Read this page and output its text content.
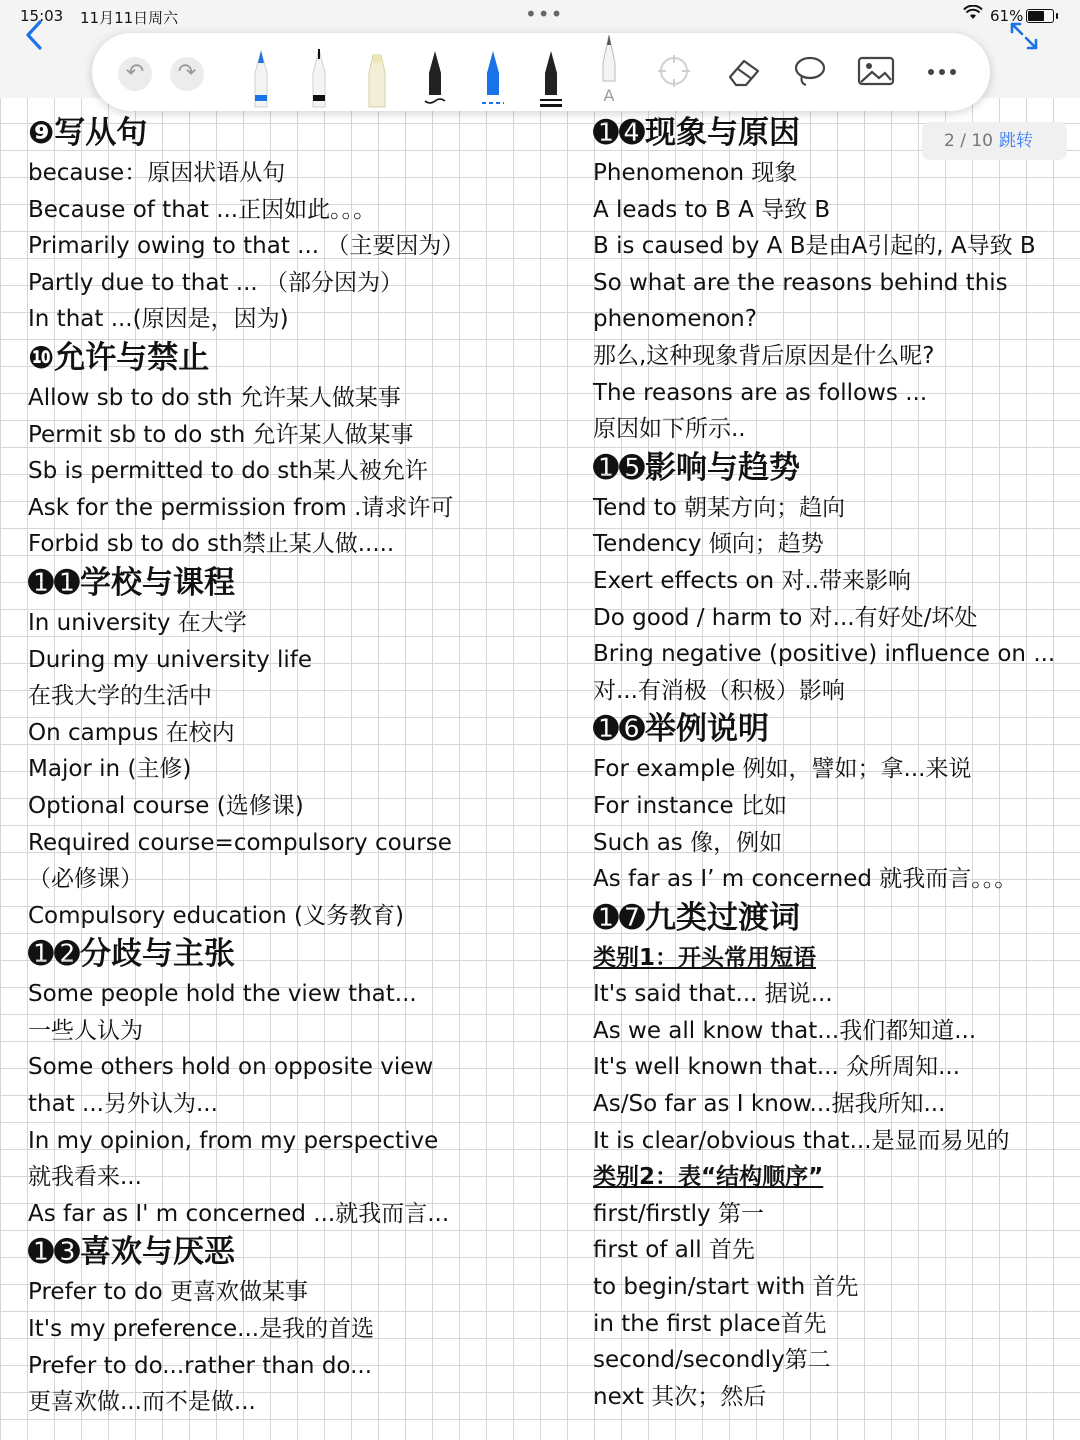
15:03 11月11日周六	•••	61%
↶	↷
A
2 / 10 跳转
❾写从句
because：原因状语从句
Because of that ...正因如此。。。
Primarily owing to that ... （主要因为）
Partly due to that ... （部分因为）
In that ...(原因是，因为)
❿允许与禁止
Allow sb to do sth 允许某人做某事
Permit sb to do sth 允许某人做某事
Sb is permitted to do sth某人被允许
Ask for the permission from .请求许可
Forbid sb to do sth禁止某人做.....
➊➊学校与课程
In university 在大学
During my university life
在我大学的生活中
On campus 在校内
Major in (主修)
Optional course (选修课)
Required course=compulsory course
（必修课）
Compulsory education (义务教育)
➊➋分歧与主张
Some people hold the view that...
一些人认为
Some others hold on opposite view
that ...另外认为...
In my opinion, from my perspective
就我看来...
As far as I' m concerned ...就我而言...
➊➌喜欢与厌恶
Prefer to do 更喜欢做某事
It's my preference...是我的首选
Prefer to do...rather than do...
更喜欢做...而不是做...
➊➍现象与原因
Phenomenon 现象
A leads to B A 导致 B
B is caused by A B是由A引起的, A导致 B
So what are the reasons behind this
phenomenon?
那么,这种现象背后原因是什么呢?
The reasons are as follows ...
原因如下所示..
➊➎影响与趋势
Tend to 朝某方向；趋向
Tendency 倾向；趋势
Exert effects on 对..带来影响
Do good / harm to 对...有好处/坏处
Bring negative (positive) influence on ...
对...有消极（积极）影响
➊➏举例说明
For example 例如，譬如；拿...来说
For instance 比如
Such as 像，例如
As far as I’ m concerned 就我而言。。。
➊➐九类过渡词
类别1：开头常用短语
It's said that... 据说...
As we all know that...我们都知道...
It's well known that... 众所周知...
As/So far as I know...据我所知...
It is clear/obvious that...是显而易见的
类别2：表“结构顺序”
first/firstly 第一
first of all 首先
to begin/start with 首先
in the first place首先
second/secondly第二
next 其次；然后
